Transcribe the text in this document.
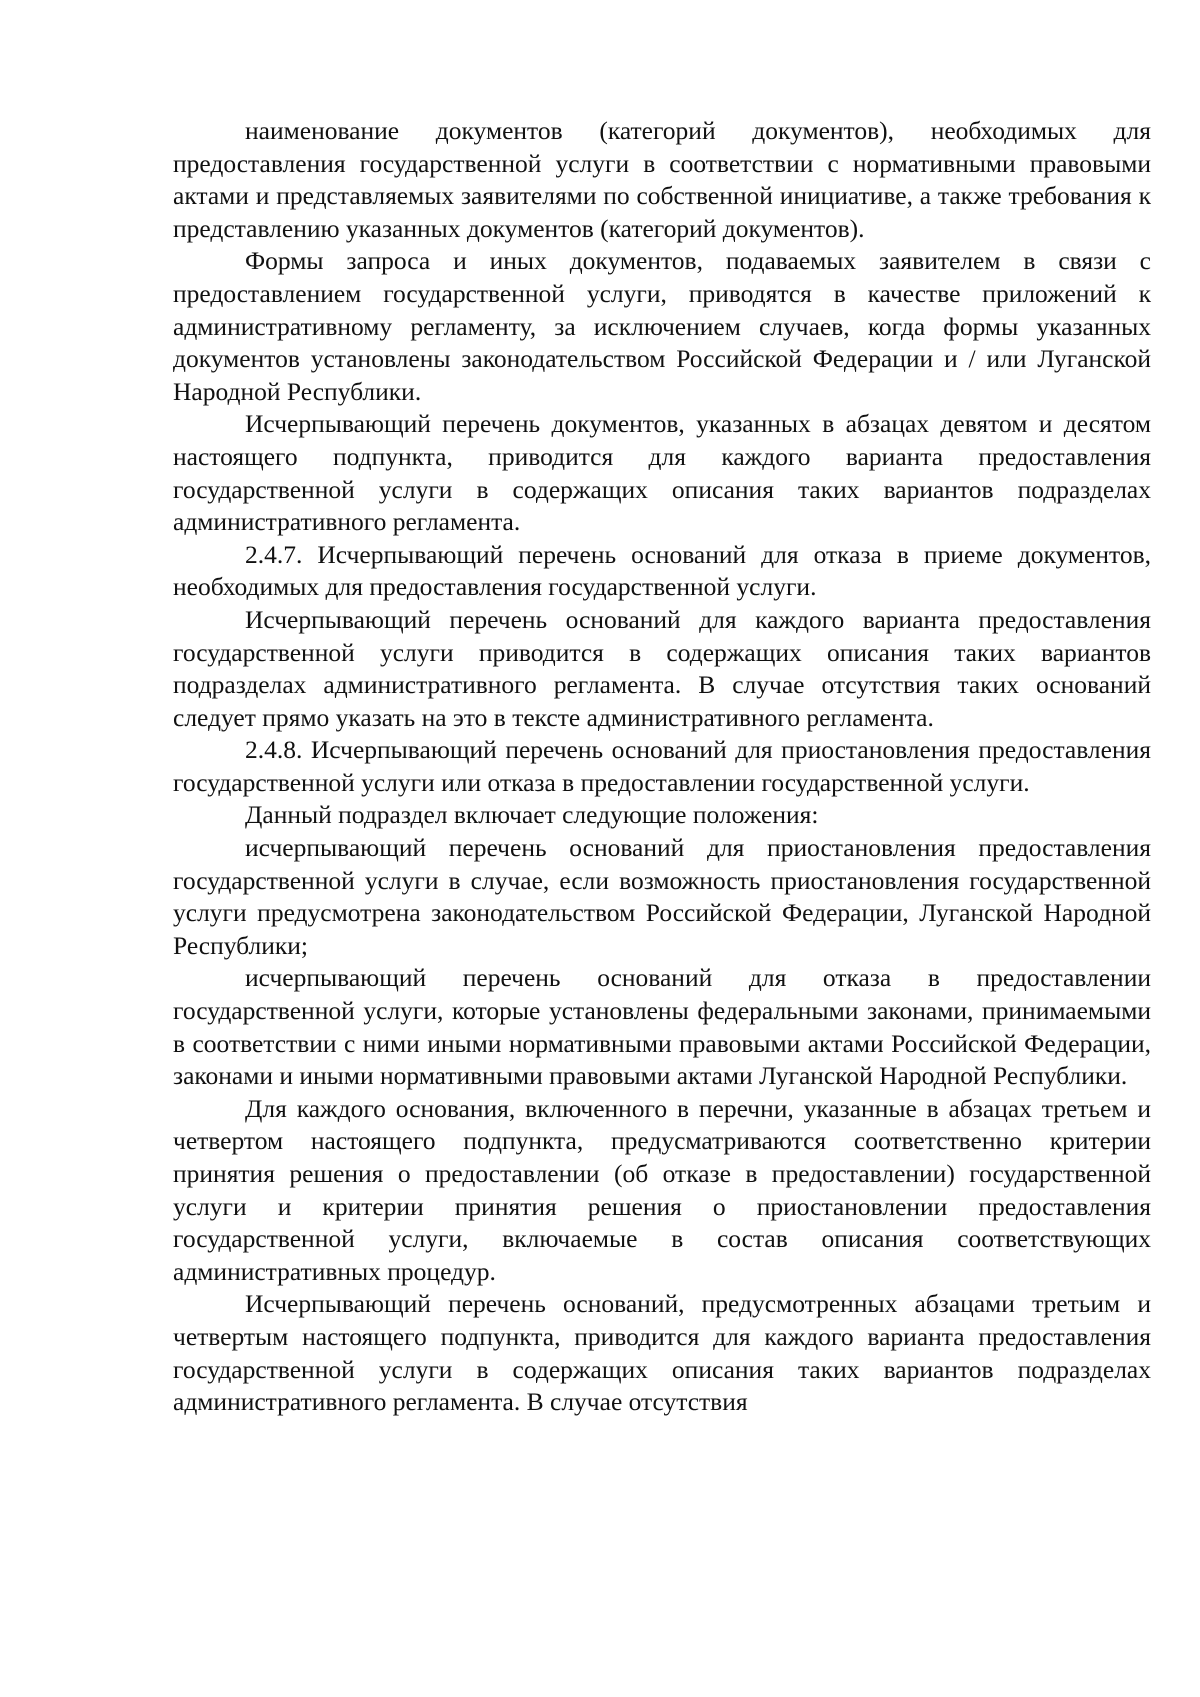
наименование документов (категорий документов), необходимых для предоставления государственной услуги в соответствии с нормативными правовыми актами и представляемых заявителями по собственной инициативе, а также требования к представлению указанных документов (категорий документов).

Формы запроса и иных документов, подаваемых заявителем в связи с предоставлением государственной услуги, приводятся в качестве приложений к административному регламенту, за исключением случаев, когда формы указанных документов установлены законодательством Российской Федерации и / или Луганской Народной Республики.

Исчерпывающий перечень документов, указанных в абзацах девятом и десятом настоящего подпункта, приводится для каждого варианта предоставления государственной услуги в содержащих описания таких вариантов подразделах административного регламента.

2.4.7. Исчерпывающий перечень оснований для отказа в приеме документов, необходимых для предоставления государственной услуги.

Исчерпывающий перечень оснований для каждого варианта предоставления государственной услуги приводится в содержащих описания таких вариантов подразделах административного регламента. В случае отсутствия таких оснований следует прямо указать на это в тексте административного регламента.

2.4.8. Исчерпывающий перечень оснований для приостановления предоставления государственной услуги или отказа в предоставлении государственной услуги.

Данный подраздел включает следующие положения:

исчерпывающий перечень оснований для приостановления предоставления государственной услуги в случае, если возможность приостановления государственной услуги предусмотрена законодательством Российской Федерации, Луганской Народной Республики;

исчерпывающий перечень оснований для отказа в предоставлении государственной услуги, которые установлены федеральными законами, принимаемыми в соответствии с ними иными нормативными правовыми актами Российской Федерации, законами и иными нормативными правовыми актами Луганской Народной Республики.

Для каждого основания, включенного в перечни, указанные в абзацах третьем и четвертом настоящего подпункта, предусматриваются соответственно критерии принятия решения о предоставлении (об отказе в предоставлении) государственной услуги и критерии принятия решения о приостановлении предоставления государственной услуги, включаемые в состав описания соответствующих административных процедур.

Исчерпывающий перечень оснований, предусмотренных абзацами третьим и четвертым настоящего подпункта, приводится для каждого варианта предоставления государственной услуги в содержащих описания таких вариантов подразделах административного регламента. В случае отсутствия
